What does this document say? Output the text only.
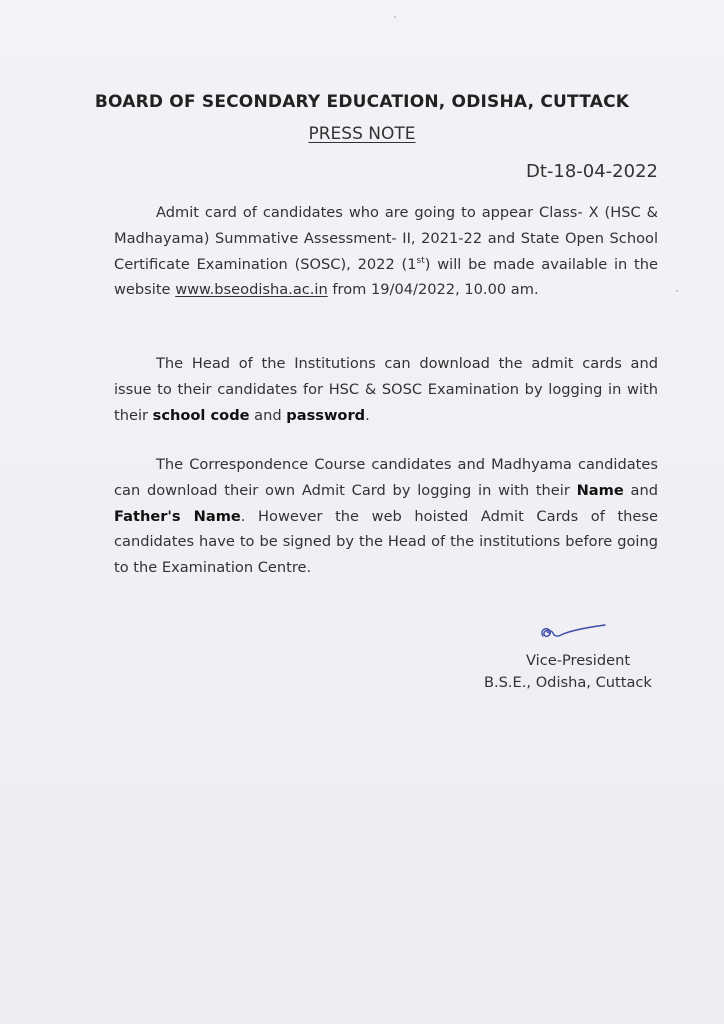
BOARD OF SECONDARY EDUCATION, ODISHA, CUTTACK
PRESS NOTE
Dt-18-04-2022
Admit card of candidates who are going to appear Class- X (HSC & Madhayama) Summative Assessment- II, 2021-22 and State Open School Certificate Examination (SOSC), 2022 (1st) will be made available in the website www.bseodisha.ac.in from 19/04/2022, 10.00 am.
The Head of the Institutions can download the admit cards and issue to their candidates for HSC & SOSC Examination by logging in with their school code and password.
The Correspondence Course candidates and Madhyama candidates can download their own Admit Card by logging in with their Name and Father's Name. However the web hoisted Admit Cards of these candidates have to be signed by the Head of the institutions before going to the Examination Centre.
Vice-President
B.S.E., Odisha, Cuttack
